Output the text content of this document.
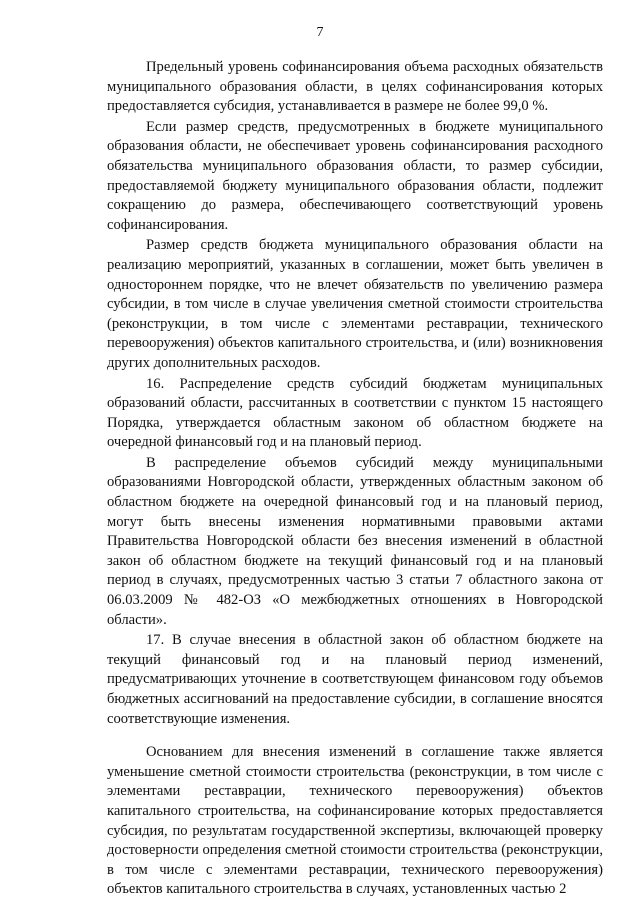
7

Предельный уровень софинансирования объема расходных обязательств муниципального образования области, в целях софинансирования которых предоставляется субсидия, устанавливается в размере не более 99,0 %.

Если размер средств, предусмотренных в бюджете муниципального образования области, не обеспечивает уровень софинансирования расходного обязательства муниципального образования области, то размер субсидии, предоставляемой бюджету муниципального образования области, подлежит сокращению до размера, обеспечивающего соответствующий уровень софинансирования.

Размер средств бюджета муниципального образования области на реализацию мероприятий, указанных в соглашении, может быть увеличен в одностороннем порядке, что не влечет обязательств по увеличению размера субсидии, в том числе в случае увеличения сметной стоимости строительства (реконструкции, в том числе с элементами реставрации, технического перевооружения) объектов капитального строительства, и (или) возникновения других дополнительных расходов.

16. Распределение средств субсидий бюджетам муниципальных образований области, рассчитанных в соответствии с пунктом 15 настоящего Порядка, утверждается областным законом об областном бюджете на очередной финансовый год и на плановый период.

В распределение объемов субсидий между муниципальными образованиями Новгородской области, утвержденных областным законом об областном бюджете на очередной финансовый год и на плановый период, могут быть внесены изменения нормативными правовыми актами Правительства Новгородской области без внесения изменений в областной закон об областном бюджете на текущий финансовый год и на плановый период в случаях, предусмотренных частью 3 статьи 7 областного закона от 06.03.2009 № 482-ОЗ «О межбюджетных отношениях в Новгородской области».

17. В случае внесения в областной закон об областном бюджете на текущий финансовый год и на плановый период изменений, предусматривающих уточнение в соответствующем финансовом году объемов бюджетных ассигнований на предоставление субсидии, в соглашение вносятся соответствующие изменения.

Основанием для внесения изменений в соглашение также является уменьшение сметной стоимости строительства (реконструкции, в том числе с элементами реставрации, технического перевооружения) объектов капитального строительства, на софинансирование которых предоставляется субсидия, по результатам государственной экспертизы, включающей проверку достоверности определения сметной стоимости строительства (реконструкции, в том числе с элементами реставрации, технического перевооружения) объектов капитального строительства в случаях, установленных частью 2
